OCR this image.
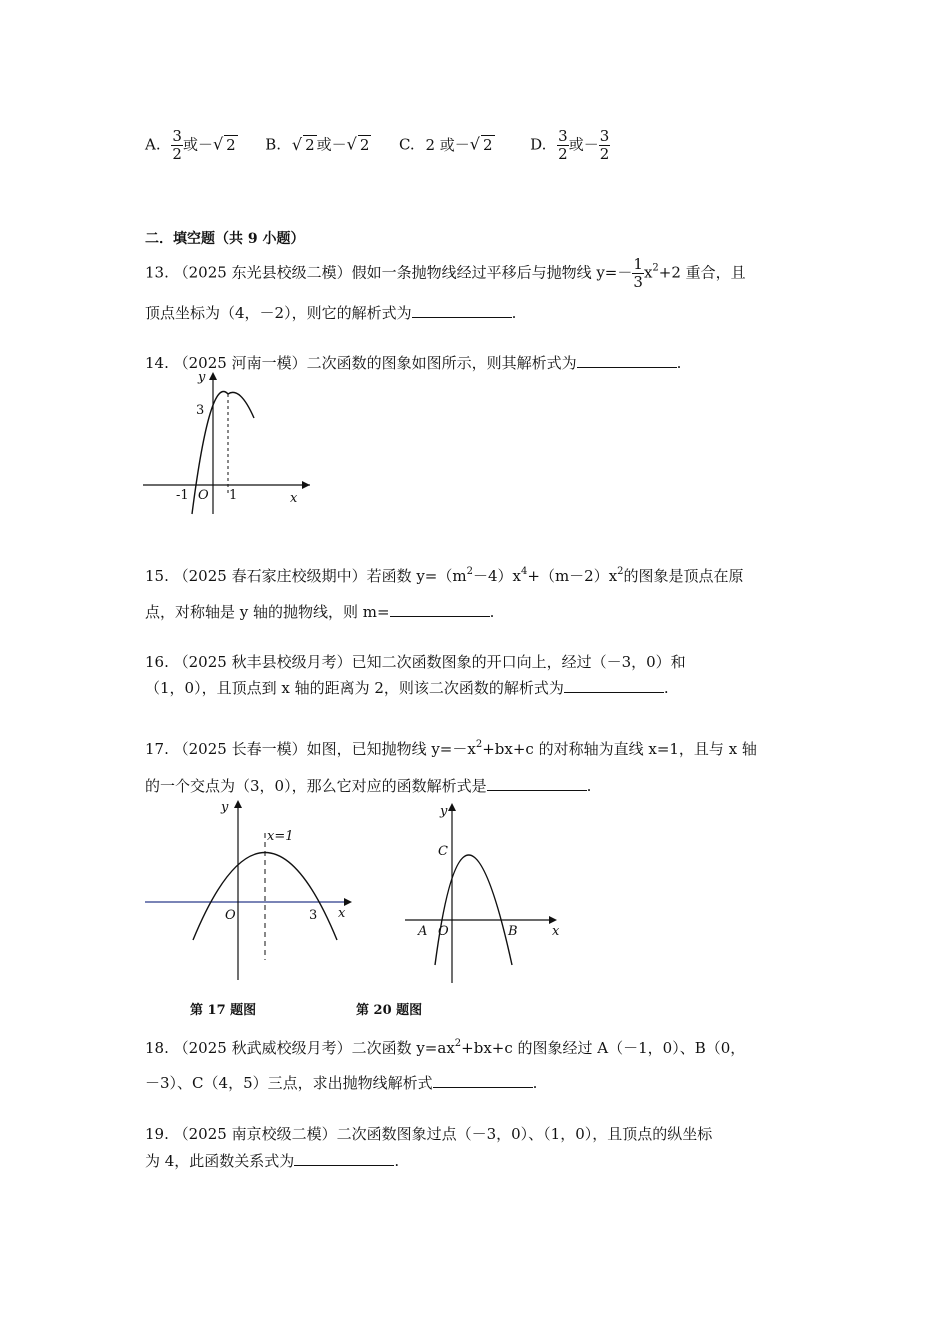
A. $\frac{3}{2}$ 或－√ 2 B. √ 2 或－√ 2 C. 2 或－√ 2	D. $\frac{3}{2}$ 或－ $\frac{3}{2}$
二．填空题（共 9 小题）
13. （2025 东光县校级二模）假如一条抛物线经过平移后与抛物线 $y=- \frac{1}{3} x^2+2$ 重合，且
顶点坐标为（4，－2），则它的解析式为	.
14. （2025 河南一模）二次函数的图象如图所示，则其解析式为	.
y
x
3
-1 O 1
15. （2025 春石家庄校级期中）若函数 $y=(m^2-4)x^4+(m-2)x^2$的图象是顶点在原
点，对称轴是 y 轴的抛物线，则 m=	.
16. （2025 秋丰县校级月考）已知二次函数图象的开口向上，经过（－3，0）和
（1，0），且顶点到 x 轴的距离为 2，则该二次函数的解析式为	.
17. （2025 长春一模）如图，已知抛物线 $y=-x^2+bx+c$ 的对称轴为直线 x=1，且与 x 轴
的一个交点为（3，0），那么它对应的函数解析式是	.
y
x
O
x=1
3
y
x
C
A O	B
第 17 题图	第 20 题图
18. （2025 秋武威校级月考）二次函数 $y=ax^2+bx+c$ 的图象经过 A（－1，0）、B（0，
－3）、C（4，5）三点，求出抛物线解析式	.
19. （2025 南京校级二模）二次函数图象过点（－3，0）、（1，0），且顶点的纵坐标
为 4，此函数关系式为	.
